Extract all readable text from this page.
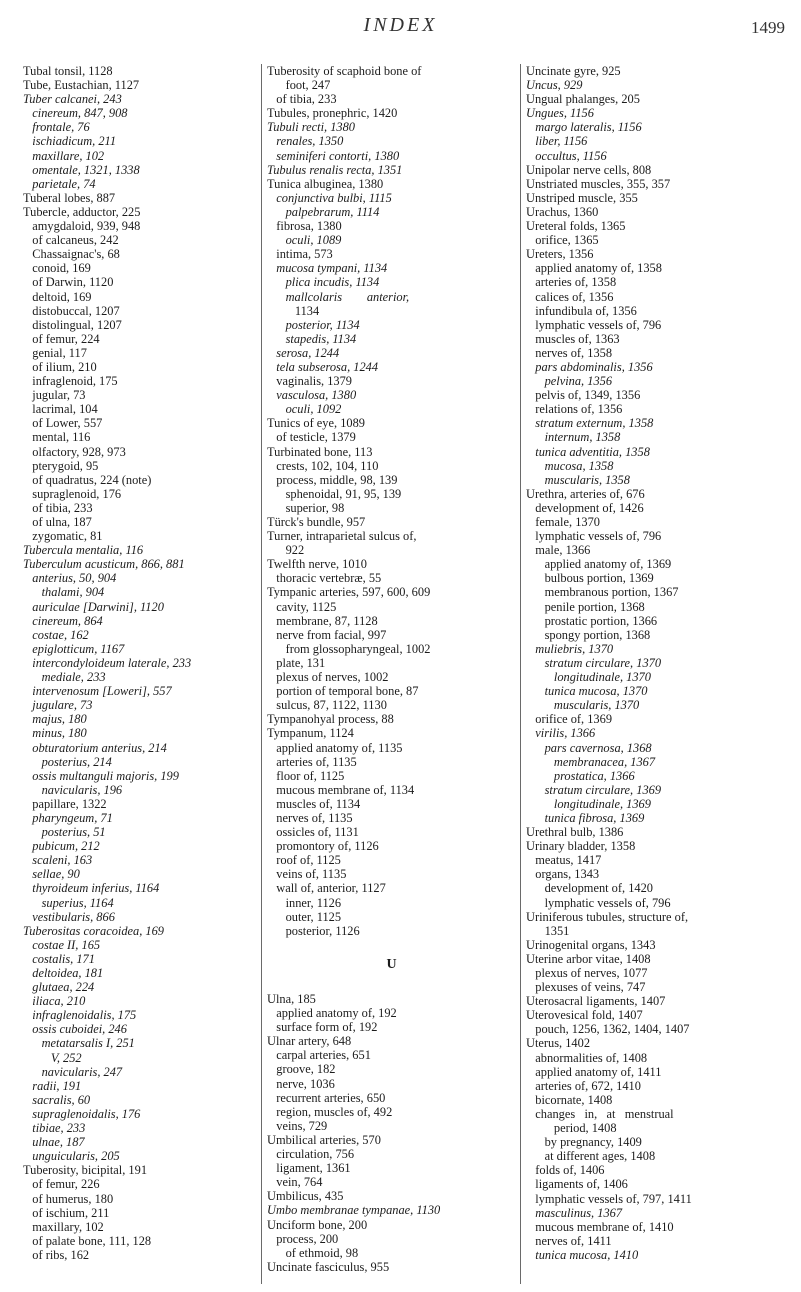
INDEX	1499
Tubal tonsil, 1128
Tube, Eustachian, 1127
Tuber calcanei, 243
cinereum, 847, 908
frontale, 76
ischiadicum, 211
maxillare, 102
omentale, 1321, 1338
parietale, 74
Tuberal lobes, 887
Tubercle, adductor, 225
amygdaloid, 939, 948
of calcaneus, 242
Chassaignac's, 68
conoid, 169
of Darwin, 1120
deltoid, 169
distobuccal, 1207
distolingual, 1207
of femur, 224
genial, 117
of ilium, 210
infraglenoid, 175
jugular, 73
lacrimal, 104
of Lower, 557
mental, 116
olfactory, 928, 973
pterygoid, 95
of quadratus, 224 (note)
supraglenoid, 176
of tibia, 233
of ulna, 187
zygomatic, 81
Tubercula mentalia, 116
Tuberculum acusticum, 866, 881
anterius, 50, 904
thalami, 904
auriculae [Darwini], 1120
cinereum, 864
costae, 162
epiglotticum, 1167
intercondyloideum laterale, 233
mediale, 233
intervenosum [Loweri], 557
jugulare, 73
majus, 180
minus, 180
obturatorium anterius, 214
posterius, 214
ossis multanguli majoris, 199
navicularis, 196
papillare, 1322
pharyngeum, 71
posterius, 51
pubicum, 212
scaleni, 163
sellae, 90
thyroideum inferius, 1164
superius, 1164
vestibularis, 866
Tuberositas coracoidea, 169
costae II, 165
costalis, 171
deltoidea, 181
glutaea, 224
iliaca, 210
infraglenoidalis, 175
ossis cuboidei, 246
metatarsalis I, 251
V, 252
navicularis, 247
radii, 191
sacralis, 60
supraglenoidalis, 176
tibiae, 233
ulnae, 187
unguicularis, 205
Tuberosity, bicipital, 191
of femur, 226
of humerus, 180
of ischium, 211
maxillary, 102
of palate bone, 111, 128
of ribs, 162
Tuberosity of scaphoid bone of
foot, 247
of tibia, 233
Tubules, pronephric, 1420
Tubuli recti, 1380
renales, 1350
seminiferi contorti, 1380
Tubulus renalis recta, 1351
Tunica albuginea, 1380
conjunctiva bulbi, 1115
palpebrarum, 1114
fibrosa, 1380
oculi, 1089
intima, 573
mucosa tympani, 1134
plica incudis, 1134
mallcolaris        anterior,
1134
posterior, 1134
stapedis, 1134
serosa, 1244
tela subserosa, 1244
vaginalis, 1379
vasculosa, 1380
oculi, 1092
Tunics of eye, 1089
of testicle, 1379
Turbinated bone, 113
crests, 102, 104, 110
process, middle, 98, 139
sphenoidal, 91, 95, 139
superior, 98
Türck's bundle, 957
Turner, intraparietal sulcus of,
922
Twelfth nerve, 1010
thoracic vertebræ, 55
Tympanic arteries, 597, 600, 609
cavity, 1125
membrane, 87, 1128
nerve from facial, 997
from glossopharyngeal, 1002
plate, 131
plexus of nerves, 1002
portion of temporal bone, 87
sulcus, 87, 1122, 1130
Tympanohyal process, 88
Tympanum, 1124
applied anatomy of, 1135
arteries of, 1135
floor of, 1125
mucous membrane of, 1134
muscles of, 1134
nerves of, 1135
ossicles of, 1131
promontory of, 1126
roof of, 1125
veins of, 1135
wall of, anterior, 1127
inner, 1126
outer, 1125
posterior, 1126

U

Ulna, 185
applied anatomy of, 192
surface form of, 192
Ulnar artery, 648
carpal arteries, 651
groove, 182
nerve, 1036
recurrent arteries, 650
region, muscles of, 492
veins, 729
Umbilical arteries, 570
circulation, 756
ligament, 1361
vein, 764
Umbilicus, 435
Umbo membranae tympanae, 1130
Unciform bone, 200
process, 200
of ethmoid, 98
Uncinate fasciculus, 955
Uncinate gyre, 925
Uncus, 929
Ungual phalanges, 205
Ungues, 1156
margo lateralis, 1156
liber, 1156
occultus, 1156
Unipolar nerve cells, 808
Unstriated muscles, 355, 357
Unstriped muscle, 355
Urachus, 1360
Ureteral folds, 1365
orifice, 1365
Ureters, 1356
applied anatomy of, 1358
arteries of, 1358
calices of, 1356
infundibula of, 1356
lymphatic vessels of, 796
muscles of, 1363
nerves of, 1358
pars abdominalis, 1356
pelvina, 1356
pelvis of, 1349, 1356
relations of, 1356
stratum externum, 1358
internum, 1358
tunica adventitia, 1358
mucosa, 1358
muscularis, 1358
Urethra, arteries of, 676
development of, 1426
female, 1370
lymphatic vessels of, 796
male, 1366
applied anatomy of, 1369
bulbous portion, 1369
membranous portion, 1367
penile portion, 1368
prostatic portion, 1366
spongy portion, 1368
muliebris, 1370
stratum circulare, 1370
longitudinale, 1370
tunica mucosa, 1370
muscularis, 1370
orifice of, 1369
virilis, 1366
pars cavernosa, 1368
membranacea, 1367
prostatica, 1366
stratum circulare, 1369
longitudinale, 1369
tunica fibrosa, 1369
Urethral bulb, 1386
Urinary bladder, 1358
meatus, 1417
organs, 1343
development of, 1420
lymphatic vessels of, 796
Uriniferous tubules, structure of,
1351
Urinogenital organs, 1343
Uterine arbor vitae, 1408
plexus of nerves, 1077
plexuses of veins, 747
Uterosacral ligaments, 1407
Uterovesical fold, 1407
pouch, 1256, 1362, 1404, 1407
Uterus, 1402
abnormalities of, 1408
applied anatomy of, 1411
arteries of, 672, 1410
bicornate, 1408
changes   in,   at   menstrual
period, 1408
by pregnancy, 1409
at different ages, 1408
folds of, 1406
ligaments of, 1406
lymphatic vessels of, 797, 1411
masculinus, 1367
mucous membrane of, 1410
nerves of, 1411
tunica mucosa, 1410
